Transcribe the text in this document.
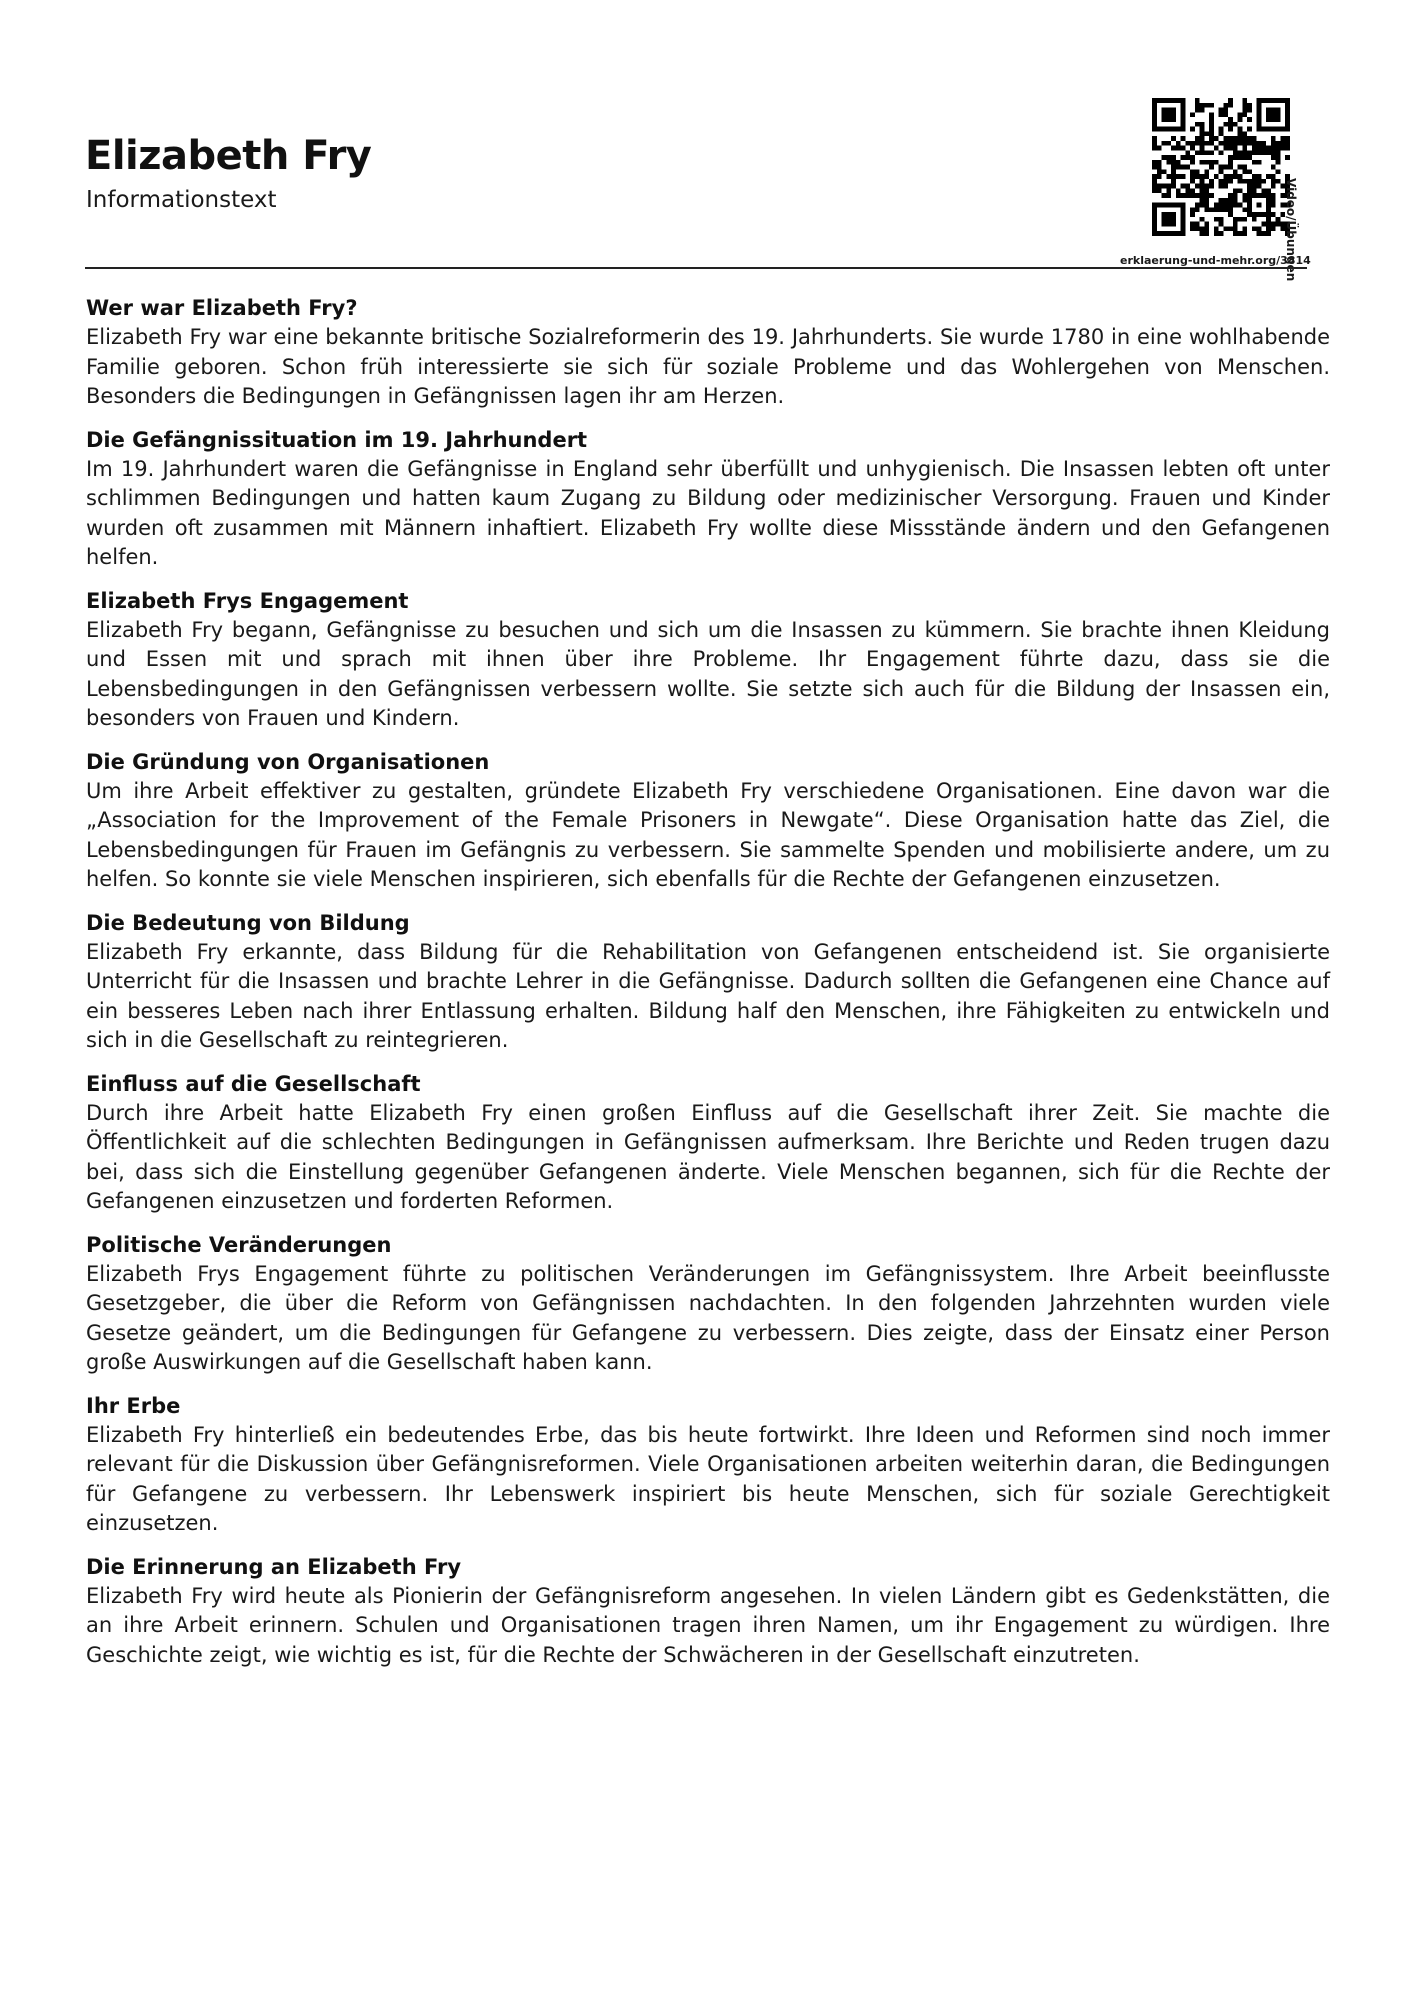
Elizabeth Fry
Informationstext	Video/Übungen
erklaerung-und-mehr.org/3814
Wer war Elizabeth Fry?

Elizabeth Fry war eine bekannte britische Sozialreformerin des 19. Jahrhunderts. Sie wurde 1780 in eine wohlhabende Familie geboren. Schon früh interessierte sie sich für soziale Probleme und das Wohlergehen von Menschen. Besonders die Bedingungen in Gefängnissen lagen ihr am Herzen.

Die Gefängnissituation im 19. Jahrhundert

Im 19. Jahrhundert waren die Gefängnisse in England sehr überfüllt und unhygienisch. Die Insassen lebten oft unter schlimmen Bedingungen und hatten kaum Zugang zu Bildung oder medizinischer Versorgung. Frauen und Kinder wurden oft zusammen mit Männern inhaftiert. Elizabeth Fry wollte diese Missstände ändern und den Gefangenen helfen.

Elizabeth Frys Engagement

Elizabeth Fry begann, Gefängnisse zu besuchen und sich um die Insassen zu kümmern. Sie brachte ihnen Kleidung und Essen mit und sprach mit ihnen über ihre Probleme. Ihr Engagement führte dazu, dass sie die Lebensbedingungen in den Gefängnissen verbessern wollte. Sie setzte sich auch für die Bildung der Insassen ein, besonders von Frauen und Kindern.

Die Gründung von Organisationen

Um ihre Arbeit effektiver zu gestalten, gründete Elizabeth Fry verschiedene Organisationen. Eine davon war die „Association for the Improvement of the Female Prisoners in Newgate“. Diese Organisation hatte das Ziel, die Lebensbedingungen für Frauen im Gefängnis zu verbessern. Sie sammelte Spenden und mobilisierte andere, um zu helfen. So konnte sie viele Menschen inspirieren, sich ebenfalls für die Rechte der Gefangenen einzusetzen.

Die Bedeutung von Bildung

Elizabeth Fry erkannte, dass Bildung für die Rehabilitation von Gefangenen entscheidend ist. Sie organisierte Unterricht für die Insassen und brachte Lehrer in die Gefängnisse. Dadurch sollten die Gefangenen eine Chance auf ein besseres Leben nach ihrer Entlassung erhalten. Bildung half den Menschen, ihre Fähigkeiten zu entwickeln und sich in die Gesellschaft zu reintegrieren.

Einfluss auf die Gesellschaft

Durch ihre Arbeit hatte Elizabeth Fry einen großen Einfluss auf die Gesellschaft ihrer Zeit. Sie machte die Öffentlichkeit auf die schlechten Bedingungen in Gefängnissen aufmerksam. Ihre Berichte und Reden trugen dazu bei, dass sich die Einstellung gegenüber Gefangenen änderte. Viele Menschen begannen, sich für die Rechte der Gefangenen einzusetzen und forderten Reformen.

Politische Veränderungen

Elizabeth Frys Engagement führte zu politischen Veränderungen im Gefängnissystem. Ihre Arbeit beeinflusste Gesetzgeber, die über die Reform von Gefängnissen nachdachten. In den folgenden Jahrzehnten wurden viele Gesetze geändert, um die Bedingungen für Gefangene zu verbessern. Dies zeigte, dass der Einsatz einer Person große Auswirkungen auf die Gesellschaft haben kann.

Ihr Erbe

Elizabeth Fry hinterließ ein bedeutendes Erbe, das bis heute fortwirkt. Ihre Ideen und Reformen sind noch immer relevant für die Diskussion über Gefängnisreformen. Viele Organisationen arbeiten weiterhin daran, die Bedingungen für Gefangene zu verbessern. Ihr Lebenswerk inspiriert bis heute Menschen, sich für soziale Gerechtigkeit einzusetzen.

Die Erinnerung an Elizabeth Fry

Elizabeth Fry wird heute als Pionierin der Gefängnisreform angesehen. In vielen Ländern gibt es Gedenkstätten, die an ihre Arbeit erinnern. Schulen und Organisationen tragen ihren Namen, um ihr Engagement zu würdigen. Ihre Geschichte zeigt, wie wichtig es ist, für die Rechte der Schwächeren in der Gesellschaft einzutreten.
